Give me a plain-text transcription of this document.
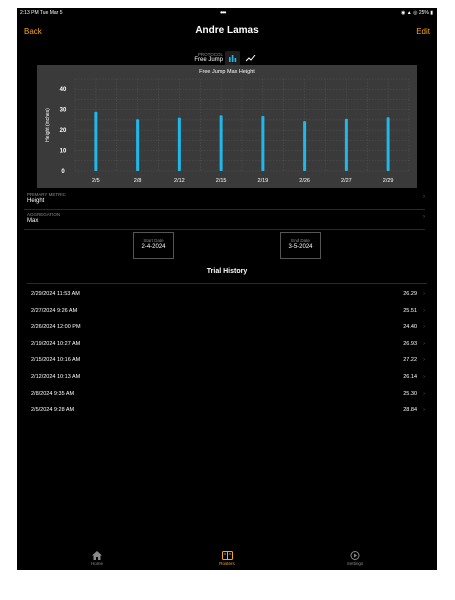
2:13 PM Tue Mar 5	•••	◉ ▲ ◎ 25% ▮
Back	Andre Lamas	Edit
PROTOCOL
Free Jump
Free Jump Max Height
0
10
20
30
40
Height (inches)
2/5	2/8	2/12	2/15	2/19	2/26	2/27	2/29
PRIMARY METRIC
Height
›
AGGREGATION
Max
›
Start Date
2-4-2024
End Date
3-5-2024
Trial History
2/29/2024 11:53 AM	26.29 ›
2/27/2024 9:26 AM	25.51 ›
2/26/2024 12:00 PM	24.40 ›
2/19/2024 10:27 AM	26.93 ›
2/15/2024 10:16 AM	27.22 ›
2/12/2024 10:13 AM	26.14 ›
2/8/2024 9:35 AM	25.30 ›
2/5/2024 9:28 AM	28.84 ›
Home	Rosters	Settings
